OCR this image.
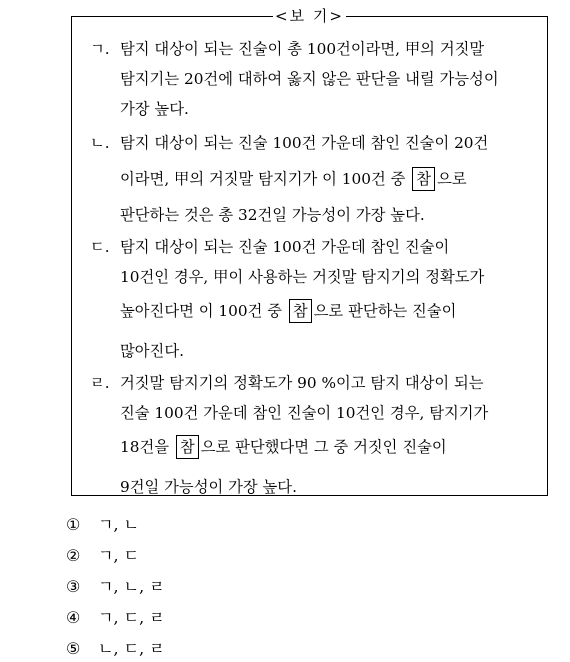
<보 기>
ㄱ. 탐지 대상이 되는 진술이 총 100건이라면, 甲의 거짓말
탐지기는 20건에 대하여 옳지 않은 판단을 내릴 가능성이
가장 높다.
ㄴ. 탐지 대상이 되는 진술 100건 가운데 참인 진술이 20건
이라면, 甲의 거짓말 탐지기가 이 100건 중 참 으로
판단하는 것은 총 32건일 가능성이 가장 높다.
ㄷ. 탐지 대상이 되는 진술 100건 가운데 참인 진술이
10건인 경우, 甲이 사용하는 거짓말 탐지기의 정확도가
높아진다면 이 100건 중 참 으로 판단하는 진술이
많아진다.
ㄹ. 거짓말 탐지기의 정확도가 90 %이고 탐지 대상이 되는
진술 100건 가운데 참인 진술이 10건인 경우, 탐지기가
18건을 참 으로 판단했다면 그 중 거짓인 진술이
9건일 가능성이 가장 높다.
① ㄱ, ㄴ
② ㄱ, ㄷ
③ ㄱ, ㄴ, ㄹ
④ ㄱ, ㄷ, ㄹ
⑤ ㄴ, ㄷ, ㄹ
